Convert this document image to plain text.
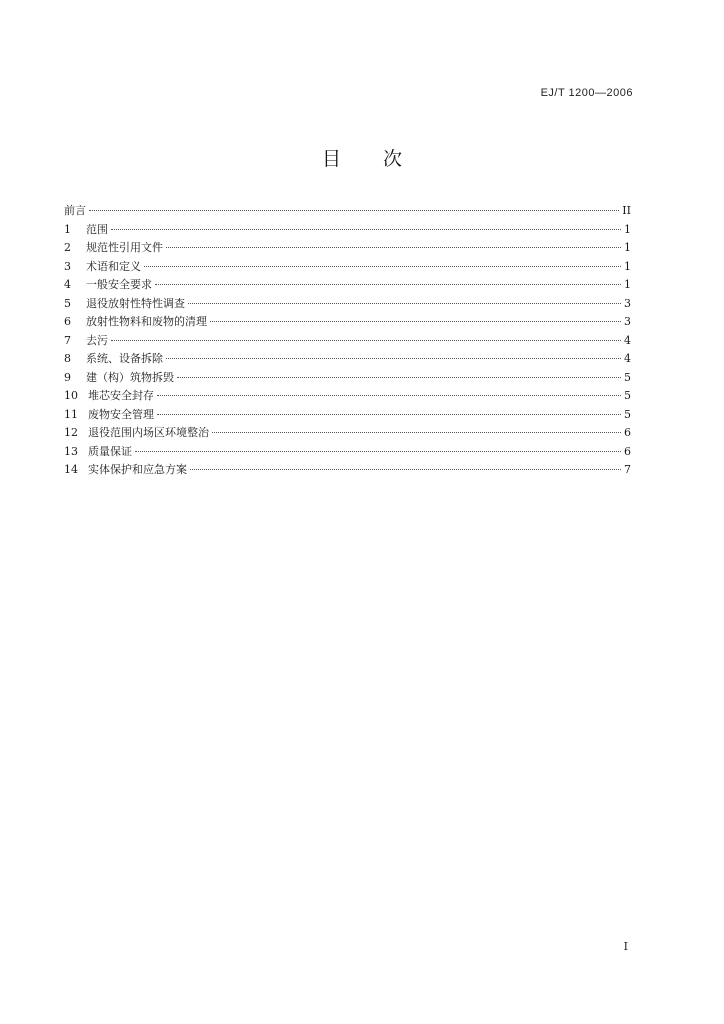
EJ/T 1200—2006
目 次
前言	II
1	范围	1
2	规范性引用文件	1
3	术语和定义	1
4	一般安全要求	1
5	退役放射性特性调查	3
6	放射性物料和废物的清理	3
7	去污	4
8	系统、设备拆除	4
9	建（构）筑物拆毁	5
10 堆芯安全封存	5
11 废物安全管理	5
12 退役范围内场区环境整治	6
13 质量保证	6
14 实体保护和应急方案	7
I
